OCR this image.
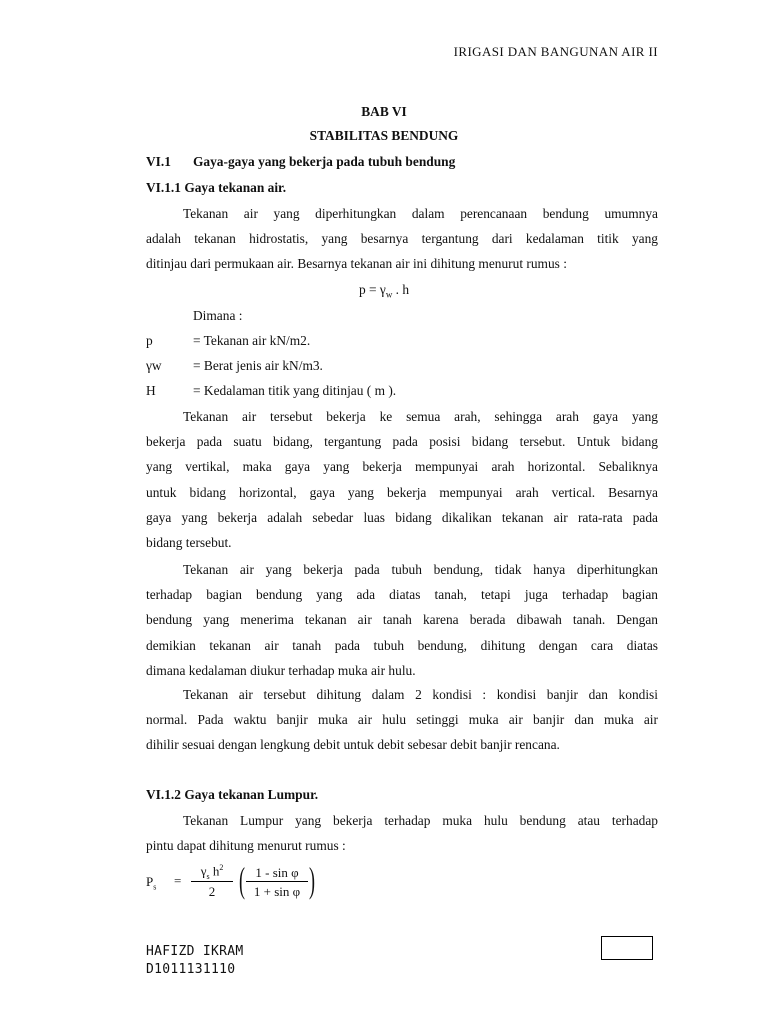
IRIGASI DAN BANGUNAN AIR II
BAB VI
STABILITAS BENDUNG
VI.1 Gaya-gaya yang bekerja pada tubuh bendung
VI.1.1 Gaya tekanan air.
Tekanan air yang diperhitungkan dalam perencanaan bendung umumnya
adalah tekanan hidrostatis, yang besarnya tergantung dari kedalaman titik yang
ditinjau dari permukaan air. Besarnya tekanan air ini dihitung menurut rumus :
$p = \gamma_w$ . h
Dimana :
p	= Tekanan air kN/m2.
γw = Berat jenis air kN/m3.
H	= Kedalaman titik yang ditinjau ( m ).
Tekanan air tersebut bekerja ke semua arah, sehingga arah gaya yang
bekerja pada suatu bidang, tergantung pada posisi bidang tersebut. Untuk bidang
yang vertikal, maka gaya yang bekerja mempunyai arah horizontal. Sebaliknya
untuk bidang horizontal, gaya yang bekerja mempunyai arah vertical. Besarnya
gaya yang bekerja adalah sebedar luas bidang dikalikan tekanan air rata-rata pada
bidang tersebut.
Tekanan air yang bekerja pada tubuh bendung, tidak hanya diperhitungkan
terhadap bagian bendung yang ada diatas tanah, tetapi juga terhadap bagian
bendung yang menerima tekanan air tanah karena berada dibawah tanah. Dengan
demikian tekanan air tanah pada tubuh bendung, dihitung dengan cara diatas
dimana kedalaman diukur terhadap muka air hulu.
Tekanan air tersebut dihitung dalam 2 kondisi : kondisi banjir dan kondisi
normal. Pada waktu banjir muka air hulu setinggi muka air banjir dan muka air
dihilir sesuai dengan lengkung debit untuk debit sebesar debit banjir rencana.
VI.1.2 Gaya tekanan Lumpur.
Tekanan Lumpur yang bekerja terhadap muka hulu bendung atau terhadap
pintu dapat dihitung menurut rumus :
$P_s$ =
$\gamma_s$ $h^2$
2 ( 1 - sin φ
1 + sin φ )
HAFIZD IKRAM
D1011131110
